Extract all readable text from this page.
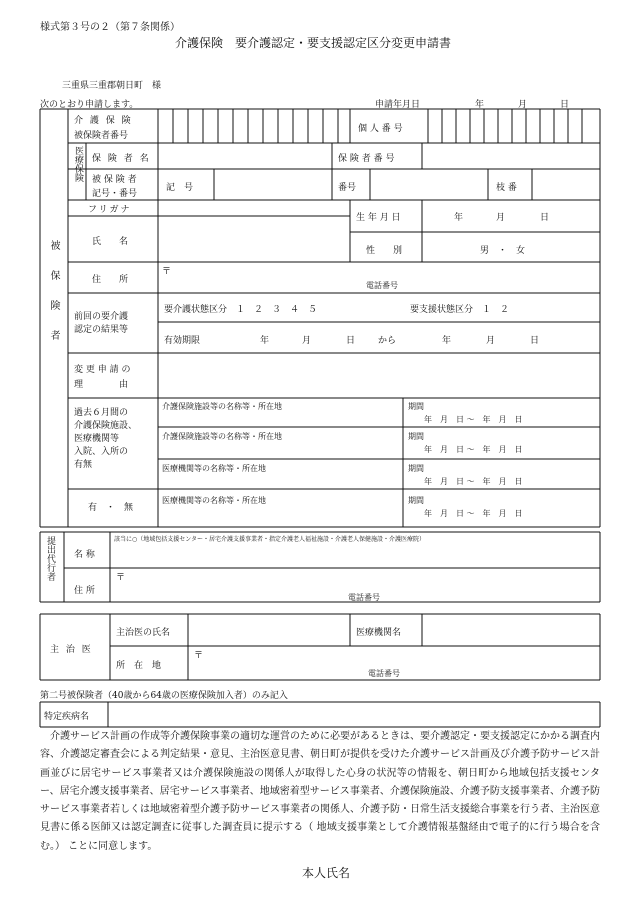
様式第３号の２（第７条関係）
介護保険　要介護認定・要支援認定区分変更申請書
三重県三重郡朝日町　様
次のとおり申請します。	申請年月日	年	月	日
被保険者
介 護 保 険
被保険者番号
個 人 番 号
医療保険 保 険 者 名	保 険 者 番 号
被 保 険 者
記号・番号
記　号	番号	枝 番
フリガナ
氏　　名
生 年 月 日	年	月	日
性　　別	男　・　女
住　　所
〒
電話番号
前回の要介護
認定の結果等
要介護状態区分　１　２　３　４　５	要支援状態区分　１　２
有効期限	年	月	日	から	年	月	日
変 更 申 請 の
理　　　　由
過去６月間の
介護保険施設、
医療機関等
入院、入所の
有無
有　・　無
介護保険施設等の名称等・所在地	期間
年　月　日 ～　年　月　日
介護保険施設等の名称等・所在地	期間
年　月　日 ～　年　月　日
医療機関等の名称等・所在地	期間
年　月　日 ～　年　月　日
医療機関等の名称等・所在地	期間
年　月　日 ～　年　月　日
提出代行者 名 称
該当に○（地域包括支援センター・居宅介護支援事業者・指定介護老人福祉施設・介護老人保健施設・介護医療院）
住 所
〒
電話番号
主 治 医
主治医の氏名	医療機関名
所　在　地
〒
電話番号
第二号被保険者（40歳から64歳の医療保険加入者）のみ記入
特定疾病名
介護サービス計画の作成等介護保険事業の適切な運営のために必要があるときは、要介護認定・要支援認定にかかる調査内容、介護認定審査会による判定結果・意見、主治医意見書、朝日町が提供を受けた介護サービス計画及び介護予防サービス計画並びに居宅サービス事業者又は介護保険施設の関係人が取得した心身の状況等の情報を、朝日町から地域包括支援センター、居宅介護支援事業者、居宅サービス事業者、地域密着型サービス事業者、介護保険施設、介護予防支援事業者、介護予防サービス事業者若しくは地域密着型介護予防サービス事業者の関係人、介護予防・日常生活支援総合事業を行う者、主治医意見書に係る医師又は認定調査に従事した調査員に提示する（ 地域支援事業として介護情報基盤経由で電子的に行う場合を含む。） ことに同意します。
本人氏名
